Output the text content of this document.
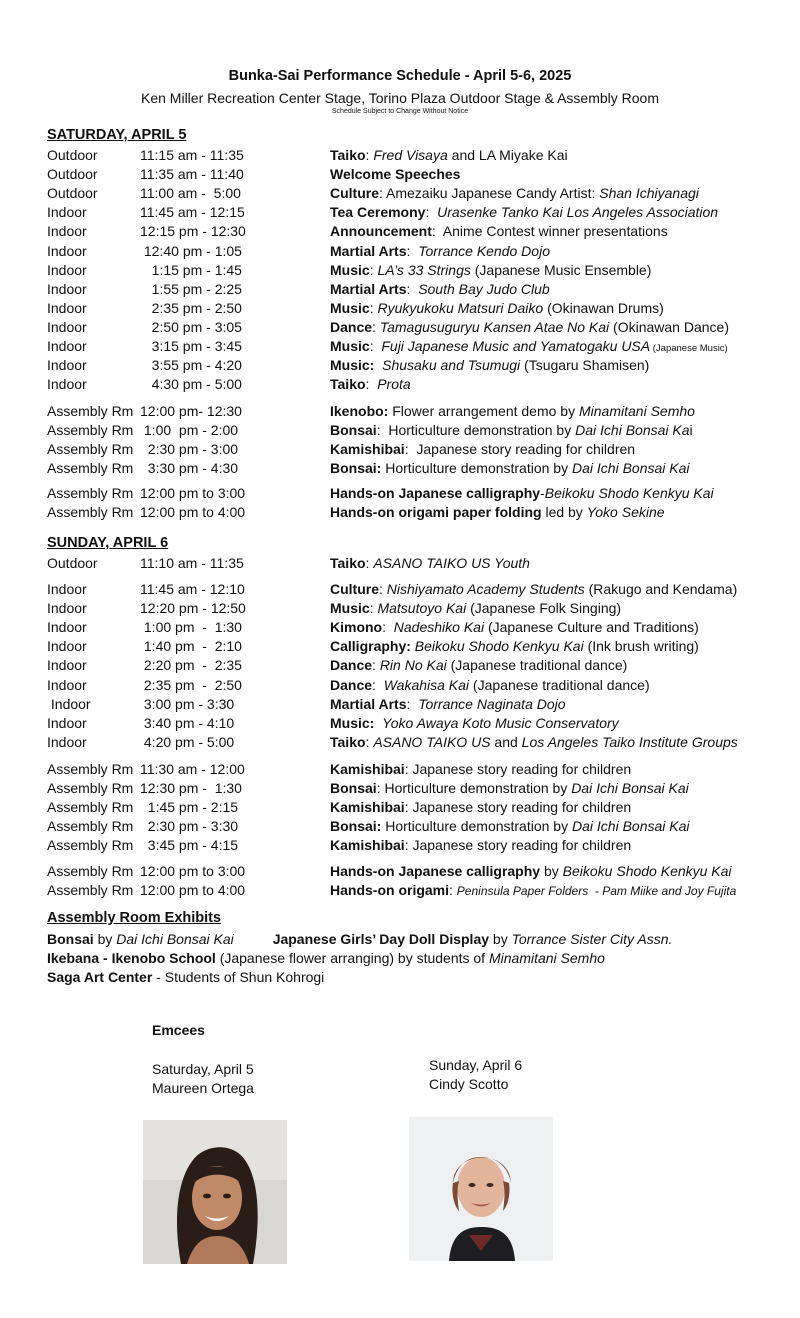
Bunka-Sai Performance Schedule - April 5-6, 2025
Ken Miller Recreation Center Stage, Torino Plaza Outdoor Stage & Assembly Room
Schedule Subject to Change Without Notice
SATURDAY, APRIL 5
Outdoor	11:15 am - 11:35	Taiko: Fred Visaya and LA Miyake Kai
Outdoor	11:35 am - 11:40	Welcome Speeches
Outdoor	11:00 am -  5:00	Culture: Amezaiku Japanese Candy Artist: Shan Ichiyanagi
Indoor	11:45 am - 12:15	Tea Ceremony:  Urasenke Tanko Kai Los Angeles Association
Indoor	12:15 pm - 12:30	Announcement:  Anime Contest winner presentations
Indoor	12:40 pm - 1:05	Martial Arts:  Torrance Kendo Dojo
Indoor	1:15 pm - 1:45	Music: LA’s 33 Strings (Japanese Music Ensemble)
Indoor	1:55 pm - 2:25	Martial Arts:  South Bay Judo Club
Indoor	2:35 pm - 2:50	Music: Ryukyukoku Matsuri Daiko (Okinawan Drums)
Indoor	2:50 pm - 3:05	Dance: Tamagusuguryu Kansen Atae No Kai (Okinawan Dance)
Indoor	3:15 pm - 3:45	Music:  Fuji Japanese Music and Yamatogaku USA (Japanese Music)
Indoor	3:55 pm - 4:20	Music: Shusaku and Tsumugi (Tsugaru Shamisen)
Indoor	4:30 pm - 5:00	Taiko:  Prota
Assembly Rm 12:00 pm- 12:30	Ikenobo: Flower arrangement demo by Minamitani Semho
Assembly Rm 1:00  pm - 2:00	Bonsai:  Horticulture demonstration by Dai Ichi Bonsai Kai
Assembly Rm 2:30 pm - 3:00	Kamishibai:  Japanese story reading for children
Assembly Rm 3:30 pm - 4:30	Bonsai: Horticulture demonstration by Dai Ichi Bonsai Kai
Assembly Rm 12:00 pm to 3:00	Hands-on Japanese calligraphy-Beikoku Shodo Kenkyu Kai
Assembly Rm 12:00 pm to 4:00	Hands-on origami paper folding led by Yoko Sekine
SUNDAY, APRIL 6
Outdoor	11:10 am - 11:35	Taiko: ASANO TAIKO US Youth
Indoor	11:45 am - 12:10	Culture: Nishiyamato Academy Students (Rakugo and Kendama)
Indoor	12:20 pm - 12:50	Music: Matsutoyo Kai (Japanese Folk Singing)
Indoor	1:00 pm  -  1:30	Kimono:  Nadeshiko Kai (Japanese Culture and Traditions)
Indoor	1:40 pm  -  2:10	Calligraphy: Beikoku Shodo Kenkyu Kai (Ink brush writing)
Indoor	2:20 pm  -  2:35	Dance: Rin No Kai (Japanese traditional dance)
Indoor	2:35 pm  -  2:50	Dance:  Wakahisa Kai (Japanese traditional dance)
Indoor	3:00 pm - 3:30	Martial Arts:  Torrance Naginata Dojo
Indoor	3:40 pm - 4:10	Music: Yoko Awaya Koto Music Conservatory
Indoor	4:20 pm - 5:00	Taiko: ASANO TAIKO US and Los Angeles Taiko Institute Groups
Assembly Rm 11:30 am - 12:00	Kamishibai: Japanese story reading for children
Assembly Rm 12:30 pm -  1:30	Bonsai: Horticulture demonstration by Dai Ichi Bonsai Kai
Assembly Rm 1:45 pm - 2:15	Kamishibai: Japanese story reading for children
Assembly Rm 2:30 pm - 3:30	Bonsai: Horticulture demonstration by Dai Ichi Bonsai Kai
Assembly Rm 3:45 pm - 4:15	Kamishibai: Japanese story reading for children
Assembly Rm 12:00 pm to 3:00	Hands-on Japanese calligraphy by Beikoku Shodo Kenkyu Kai
Assembly Rm 12:00 pm to 4:00	Hands-on origami: Peninsula Paper Folders  - Pam Miike and Joy Fujita
Assembly Room Exhibits
Bonsai by Dai Ichi Bonsai Kai	Japanese Girls’ Day Doll Display by Torrance Sister City Assn.
Ikebana - Ikenobo School (Japanese flower arranging) by students of Minamitani Semho
Saga Art Center - Students of Shun Kohrogi
Emcees
Saturday, April 5
Maureen Ortega
Sunday, April 6
Cindy Scotto
